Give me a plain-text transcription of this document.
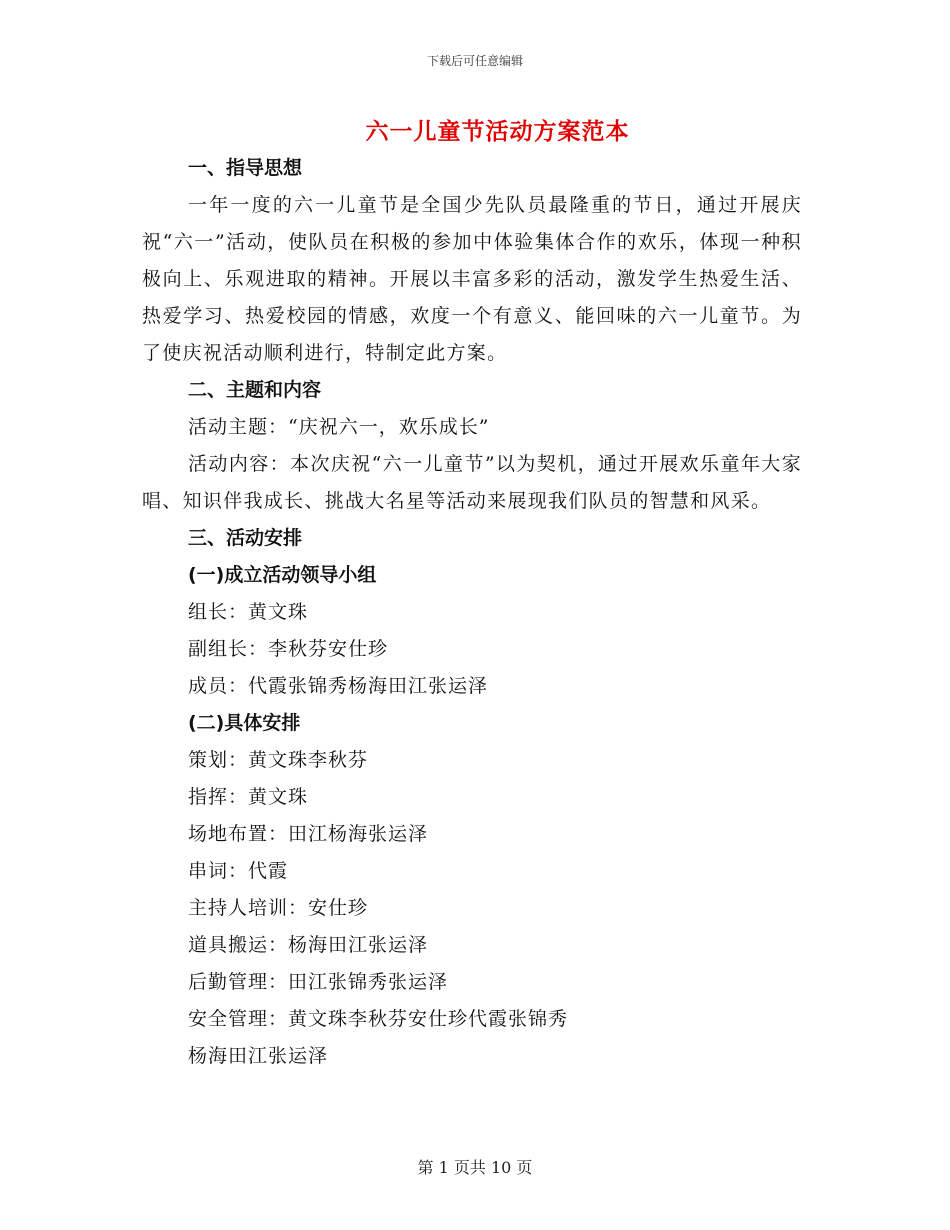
下载后可任意编辑
六一儿童节活动方案范本
一、指导思想
一年一度的六一儿童节是全国少先队员最隆重的节日，通过开展庆祝“六一”活动，使队员在积极的参加中体验集体合作的欢乐，体现一种积极向上、乐观进取的精神。开展以丰富多彩的活动，激发学生热爱生活、热爱学习、热爱校园的情感，欢度一个有意义、能回味的六一儿童节。为了使庆祝活动顺利进行，特制定此方案。
二、主题和内容
活动主题：“庆祝六一，欢乐成长”
活动内容：本次庆祝“六一儿童节”以为契机，通过开展欢乐童年大家唱、知识伴我成长、挑战大名星等活动来展现我们队员的智慧和风采。
三、活动安排
(一)成立活动领导小组
组长：黄文珠
副组长：李秋芬安仕珍
成员：代霞张锦秀杨海田江张运泽
(二)具体安排
策划：黄文珠李秋芬
指挥：黄文珠
场地布置：田江杨海张运泽
串词：代霞
主持人培训：安仕珍
道具搬运：杨海田江张运泽
后勤管理：田江张锦秀张运泽
安全管理：黄文珠李秋芬安仕珍代霞张锦秀
杨海田江张运泽
第 1 页共 10 页
